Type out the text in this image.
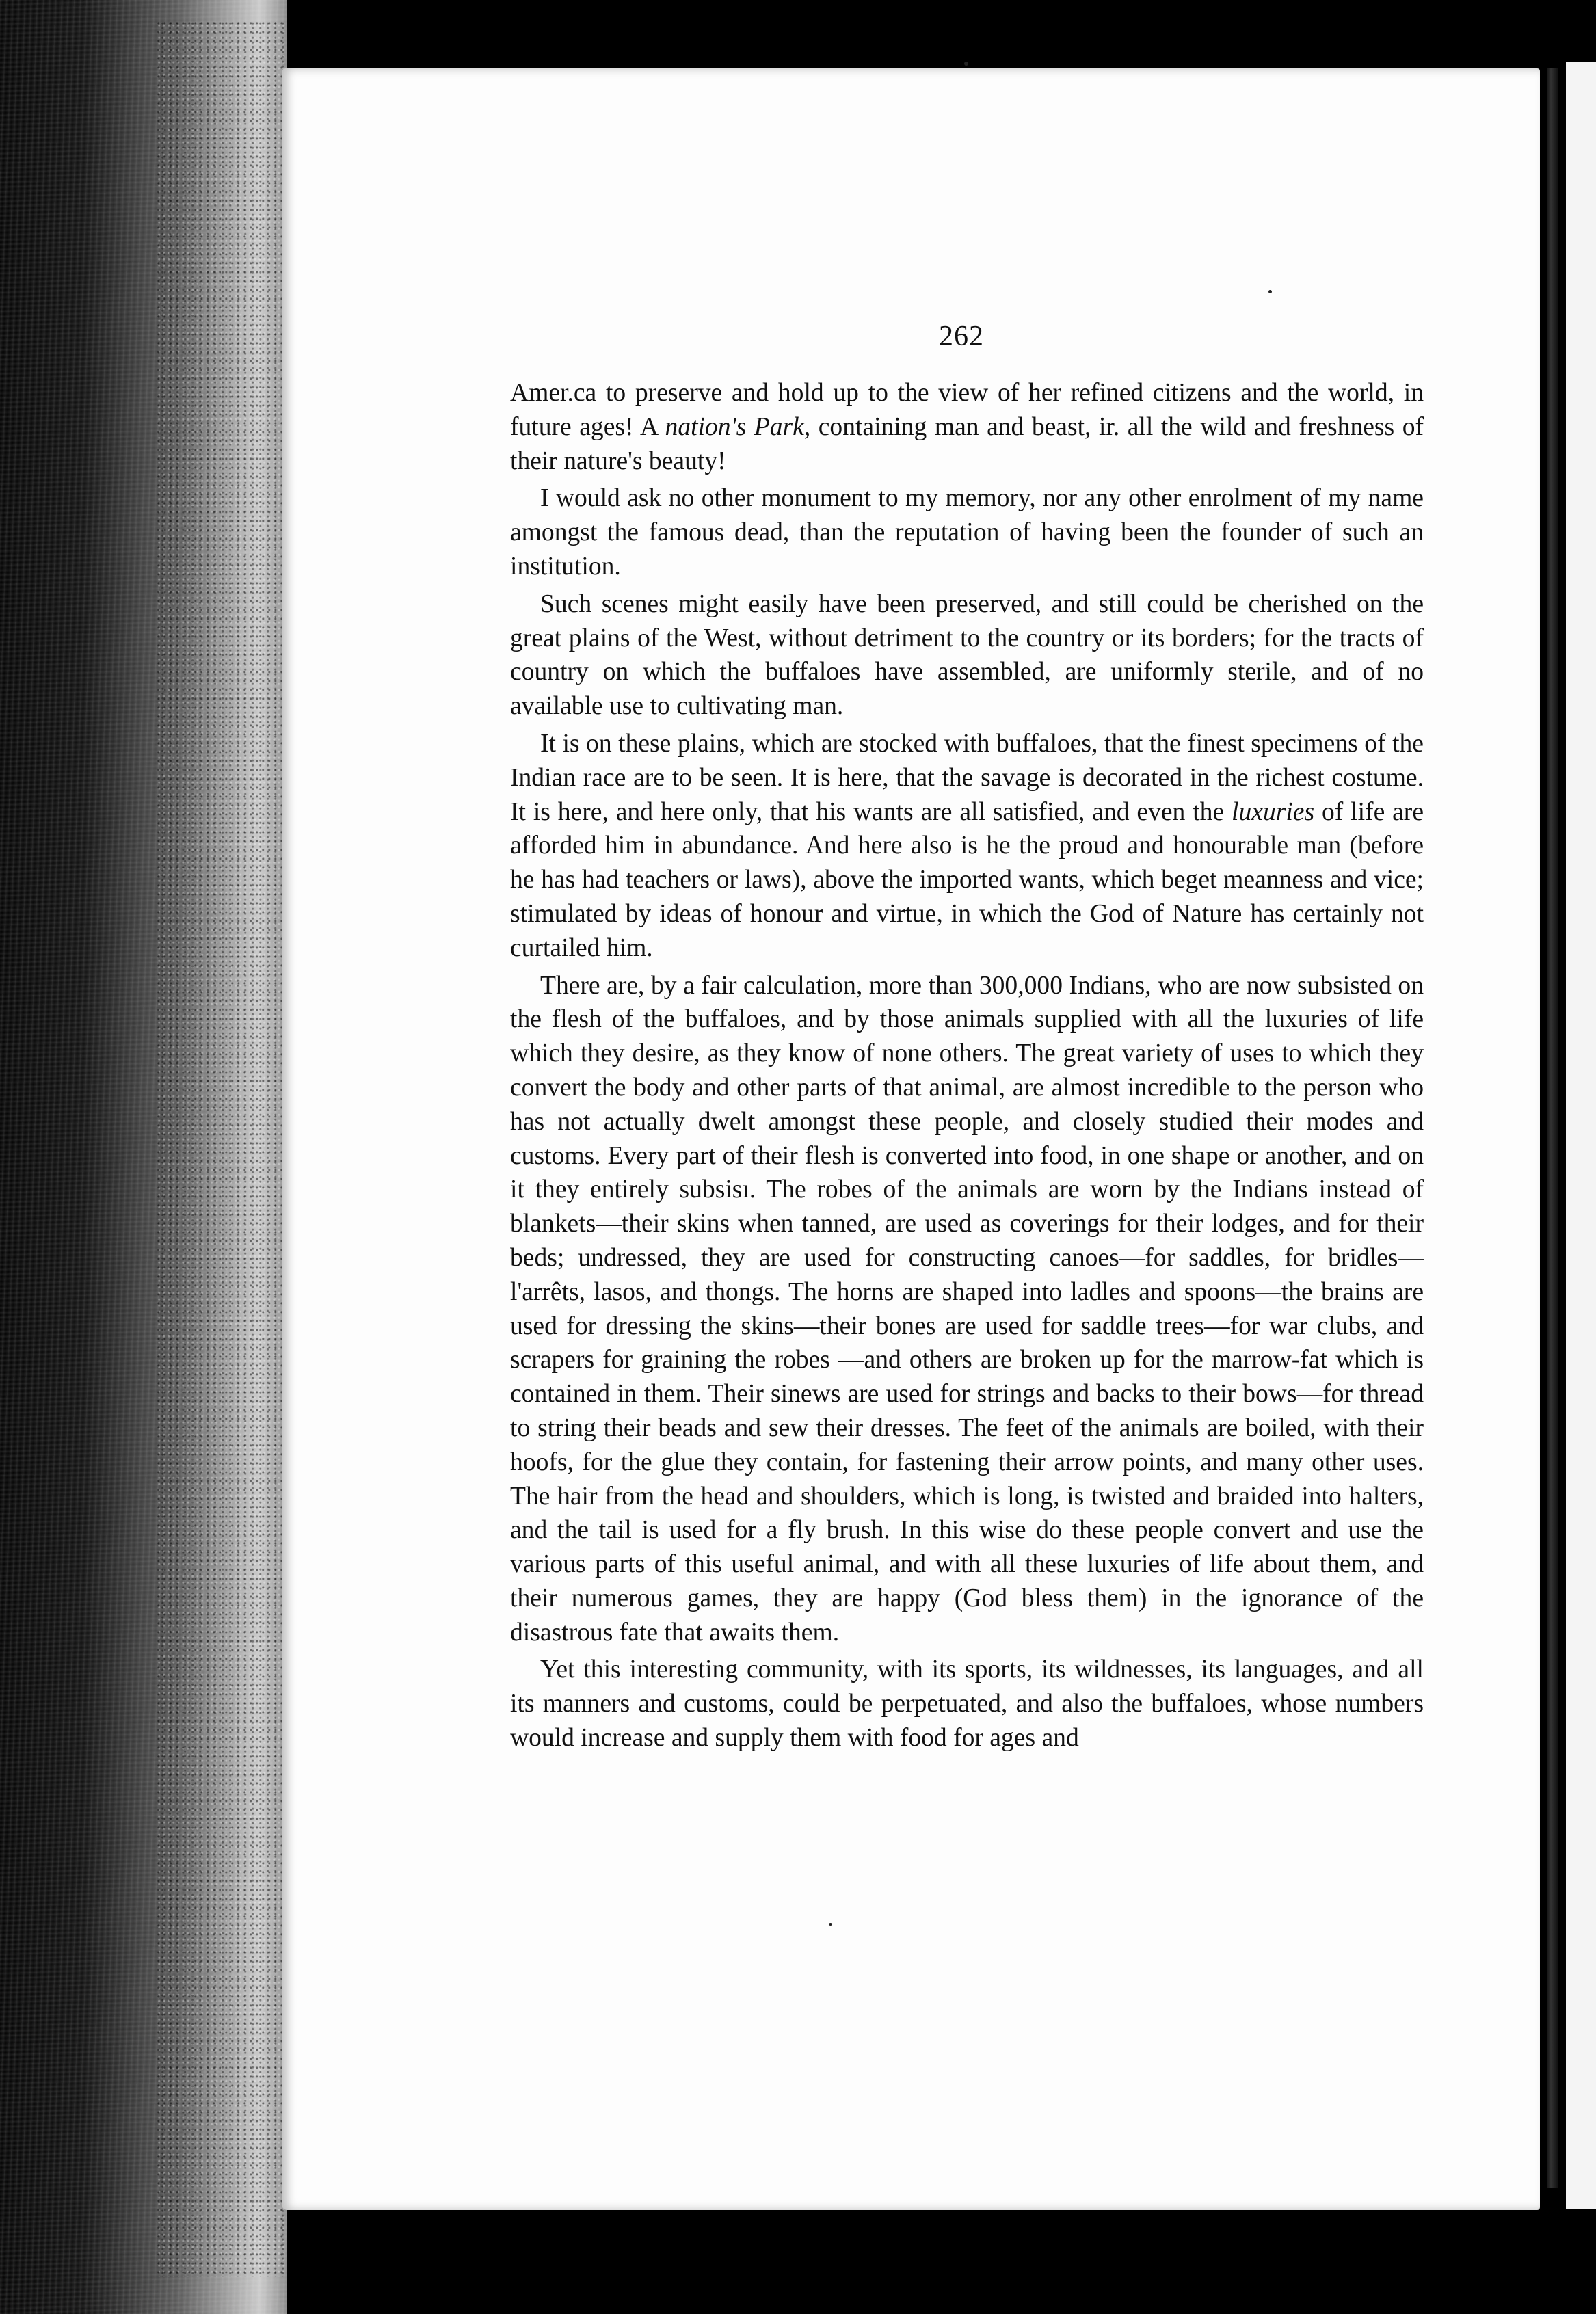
262

Amer.ca to preserve and hold up to the view of her refined citizens and the world, in future ages! A nation's Park, containing man and beast, ir. all the wild and freshness of their nature's beauty!

I would ask no other monument to my memory, nor any other enrolment of my name amongst the famous dead, than the reputation of having been the founder of such an institution.

Such scenes might easily have been preserved, and still could be cherished on the great plains of the West, without detriment to the country or its borders; for the tracts of country on which the buffaloes have assembled, are uniformly sterile, and of no available use to cultivating man.

It is on these plains, which are stocked with buffaloes, that the finest specimens of the Indian race are to be seen. It is here, that the savage is decorated in the richest costume. It is here, and here only, that his wants are all satisfied, and even the luxuries of life are afforded him in abundance. And here also is he the proud and honourable man (before he has had teachers or laws), above the imported wants, which beget meanness and vice; stimulated by ideas of honour and virtue, in which the God of Nature has certainly not curtailed him.

There are, by a fair calculation, more than 300,000 Indians, who are now subsisted on the flesh of the buffaloes, and by those animals supplied with all the luxuries of life which they desire, as they know of none others. The great variety of uses to which they convert the body and other parts of that animal, are almost incredible to the person who has not actually dwelt amongst these people, and closely studied their modes and customs. Every part of their flesh is converted into food, in one shape or another, and on it they entirely subsisı. The robes of the animals are worn by the Indians instead of blankets—their skins when tanned, are used as coverings for their lodges, and for their beds; undressed, they are used for constructing canoes—for saddles, for bridles—l'arrêts, lasos, and thongs. The horns are shaped into ladles and spoons—the brains are used for dressing the skins—their bones are used for saddle trees—for war clubs, and scrapers for graining the robes —and others are broken up for the marrow-fat which is contained in them. Their sinews are used for strings and backs to their bows—for thread to string their beads and sew their dresses. The feet of the animals are boiled, with their hoofs, for the glue they contain, for fastening their arrow points, and many other uses. The hair from the head and shoulders, which is long, is twisted and braided into halters, and the tail is used for a fly brush. In this wise do these people convert and use the various parts of this useful animal, and with all these luxuries of life about them, and their numerous games, they are happy (God bless them) in the ignorance of the disastrous fate that awaits them.

Yet this interesting community, with its sports, its wildnesses, its languages, and all its manners and customs, could be perpetuated, and also the buffaloes, whose numbers would increase and supply them with food for ages and
